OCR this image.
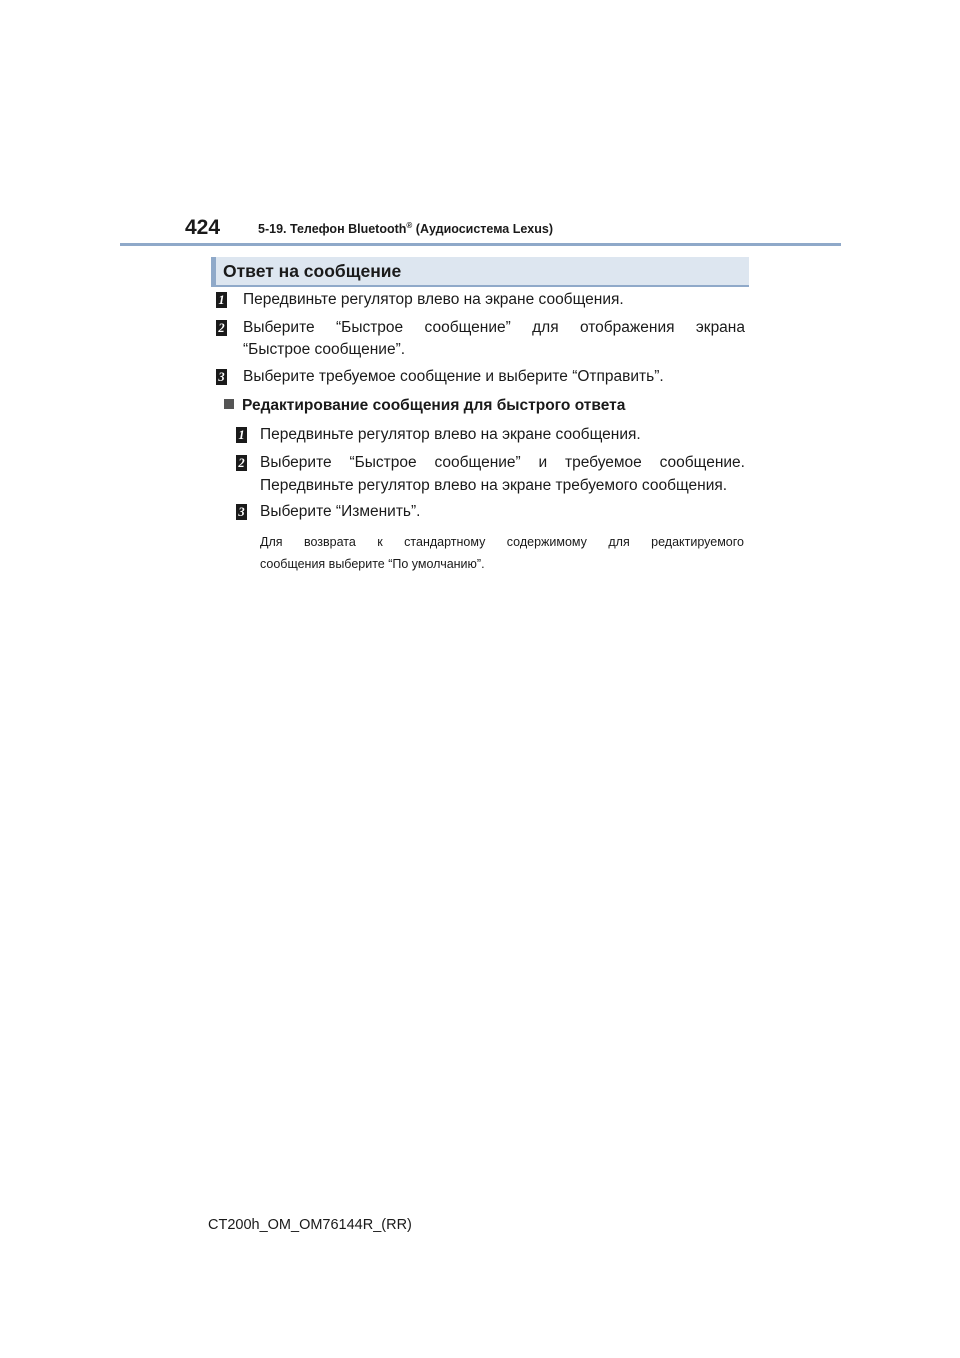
424	5-19. Телефон Bluetooth® (Аудиосистема Lexus)
Ответ на сообщение
1 Передвиньте регулятор влево на экране сообщения.
2 Выберите “Быстрое сообщение” для отображения экрана
“Быстрое сообщение”.
3 Выберите требуемое сообщение и выберите “Отправить”.
Редактирование сообщения для быстрого ответа
1 Передвиньте регулятор влево на экране сообщения.
2 Выберите “Быстрое сообщение” и требуемое сообщение.
Передвиньте регулятор влево на экране требуемого сообщения.
3 Выберите “Изменить”.
Для возврата к стандартному содержимому для редактируемого
сообщения выберите “По умолчанию”.
CT200h_OM_OM76144R_(RR)
